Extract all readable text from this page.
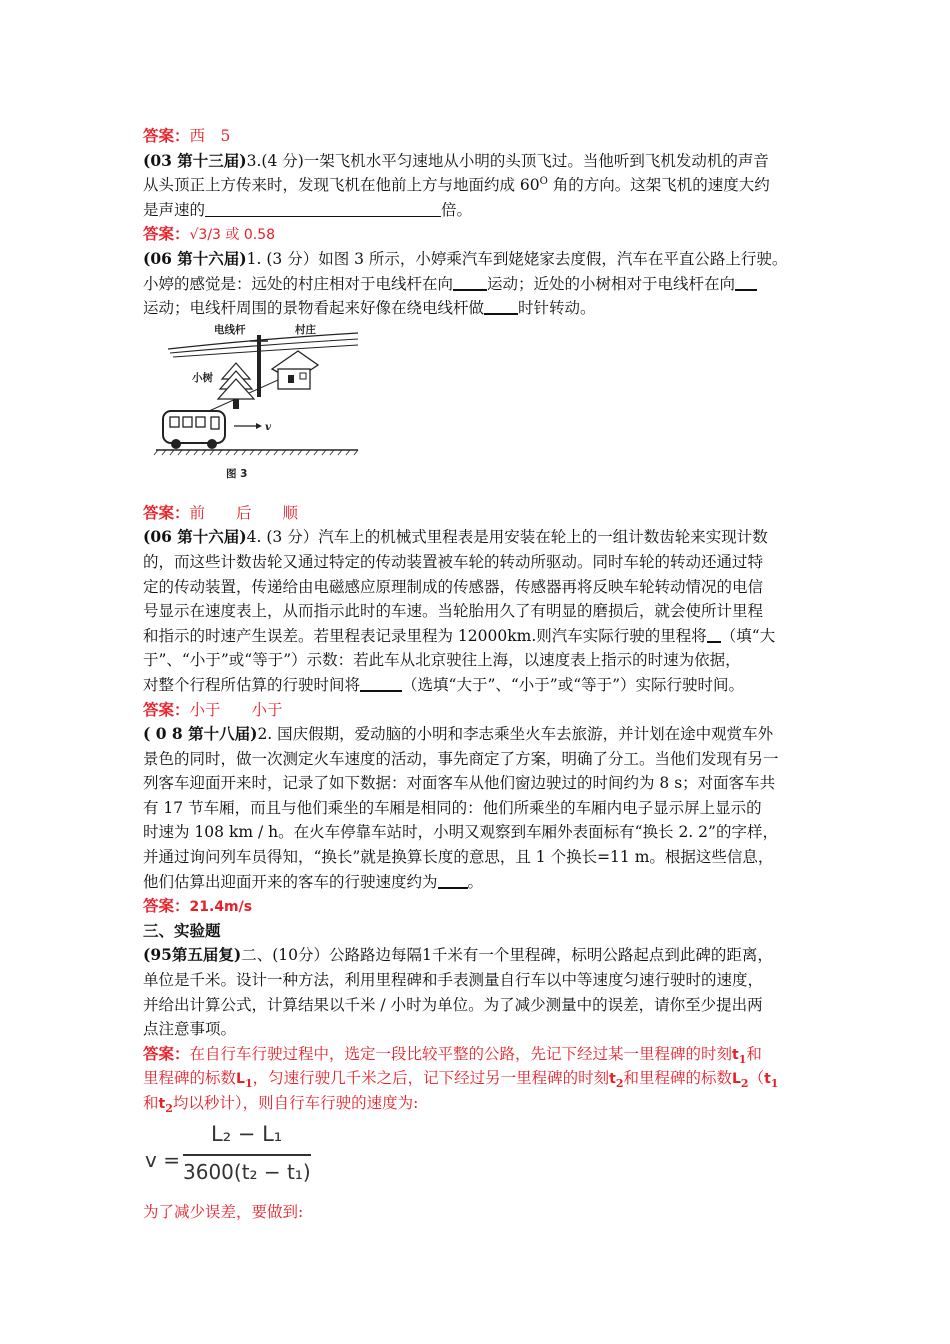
答案：西　5
(03 第十三届)3.(4 分)一架飞机水平匀速地从小明的头顶飞过。当他听到飞机发动机的声音
从头顶正上方传来时，发现飞机在他前上方与地面约成 $60^O$ 角的方向。这架飞机的速度大约
是声速的	倍。
答案：√3/3 或 0.58
(06 第十六届)1. (3 分）如图 3 所示，小婷乘汽车到姥姥家去度假，汽车在平直公路上行驶。
小婷的感觉是：远处的村庄相对于电线杆在向 运动；近处的小树相对于电线杆在向
运动；电线杆周围的景物看起来好像在绕电线杆做 时针转动。
电线杆	村庄
小树
v
图 3
答案：前　　后　　顺
(06 第十六届)4. (3 分）汽车上的机械式里程表是用安装在轮上的一组计数齿轮来实现计数
的，而这些计数齿轮又通过特定的传动装置被车轮的转动所驱动。同时车轮的转动还通过特
定的传动装置，传递给由电磁感应原理制成的传感器，传感器再将反映车轮转动情况的电信
号显示在速度表上，从而指示此时的车速。当轮胎用久了有明显的磨损后，就会使所计里程
和指示的时速产生误差。若里程表记录里程为 12000km.则汽车实际行驶的里程将 （填“大
于”、“小于”或“等于”）示数：若此车从北京驶往上海，以速度表上指示的时速为依据，
对整个行程所估算的行驶时间将	（选填“大于”、“小于”或“等于”）实际行驶时间。
答案：小于　　小于
( 0 8 第十八届)2. 国庆假期，爱动脑的小明和李志乘坐火车去旅游，并计划在途中观赏车外
景色的同时，做一次测定火车速度的活动，事先商定了方案，明确了分工。当他们发现有另一
列客车迎面开来时，记录了如下数据：对面客车从他们窗边驶过的时间约为 8 s；对面客车共
有 17 节车厢，而且与他们乘坐的车厢是相同的：他们所乘坐的车厢内电子显示屏上显示的
时速为 108 km / h。在火车停靠车站时，小明又观察到车厢外表面标有“换长 2. 2”的字样，
并通过询问列车员得知，“换长”就是换算长度的意思，且 1 个换长=11 m。根据这些信息，
他们估算出迎面开来的客车的行驶速度约为 。
答案：21.4m/s
三、实验题
(95第五届复)二、(10分）公路路边每隔1千米有一个里程碑，标明公路起点到此碑的距离，
单位是千米。设计一种方法，利用里程碑和手表测量自行车以中等速度匀速行驶时的速度，
并给出计算公式，计算结果以千米 / 小时为单位。为了减少测量中的误差，请你至少提出两
点注意事项。
答案：在自行车行驶过程中，选定一段比较平整的公路，先记下经过某一里程碑的时刻$t_1$和
里程碑的标数$L_1$，匀速行驶几千米之后，记下经过另一里程碑的时刻$t_2$和里程碑的标数$L_2(t_1$
和$t_2$均以秒计），则自行车行驶的速度为:
v =
L₂ − L₁
3600(t₂ − t₁)
为了减少误差，要做到:
